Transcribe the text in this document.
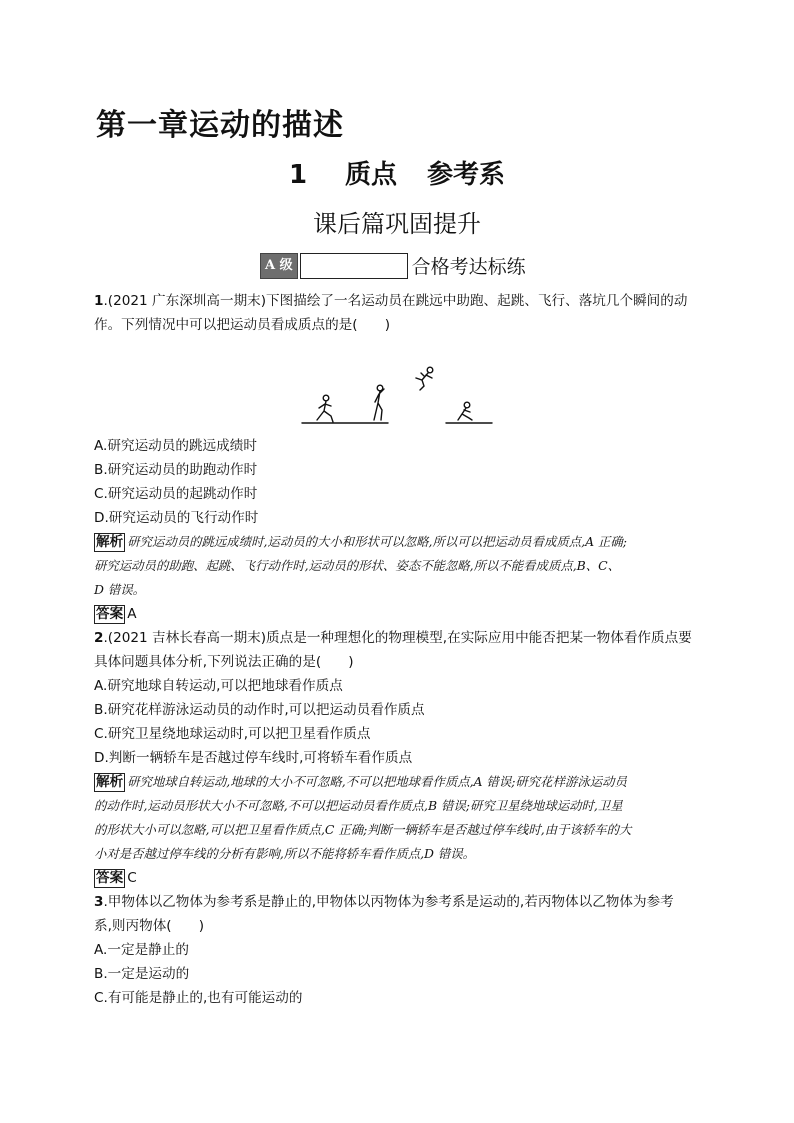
第一章运动的描述
1 质点 参考系
课后篇巩固提升
A 级	合格考达标练
1.(2021 广东深圳高一期末)下图描绘了一名运动员在跳远中助跑、起跳、飞行、落坑几个瞬间的动
作。下列情况中可以把运动员看成质点的是(　　)
A.研究运动员的跳远成绩时
B.研究运动员的助跑动作时
C.研究运动员的起跳动作时
D.研究运动员的飞行动作时
解析 研究运动员的跳远成绩时,运动员的大小和形状可以忽略,所以可以把运动员看成质点,A 正确;
研究运动员的助跑、起跳、飞行动作时,运动员的形状、姿态不能忽略,所以不能看成质点,B、C、
D 错误。
答案 A
2.(2021 吉林长春高一期末)质点是一种理想化的物理模型,在实际应用中能否把某一物体看作质点要
具体问题具体分析,下列说法正确的是(　　)
A.研究地球自转运动,可以把地球看作质点
B.研究花样游泳运动员的动作时,可以把运动员看作质点
C.研究卫星绕地球运动时,可以把卫星看作质点
D.判断一辆轿车是否越过停车线时,可将轿车看作质点
解析 研究地球自转运动,地球的大小不可忽略,不可以把地球看作质点,A 错误;研究花样游泳运动员
的动作时,运动员形状大小不可忽略,不可以把运动员看作质点,B 错误;研究卫星绕地球运动时,卫星
的形状大小可以忽略,可以把卫星看作质点,C 正确;判断一辆轿车是否越过停车线时,由于该轿车的大
小对是否越过停车线的分析有影响,所以不能将轿车看作质点,D 错误。
答案 C
3.甲物体以乙物体为参考系是静止的,甲物体以丙物体为参考系是运动的,若丙物体以乙物体为参考
系,则丙物体(　　)
A.一定是静止的
B.一定是运动的
C.有可能是静止的,也有可能运动的
